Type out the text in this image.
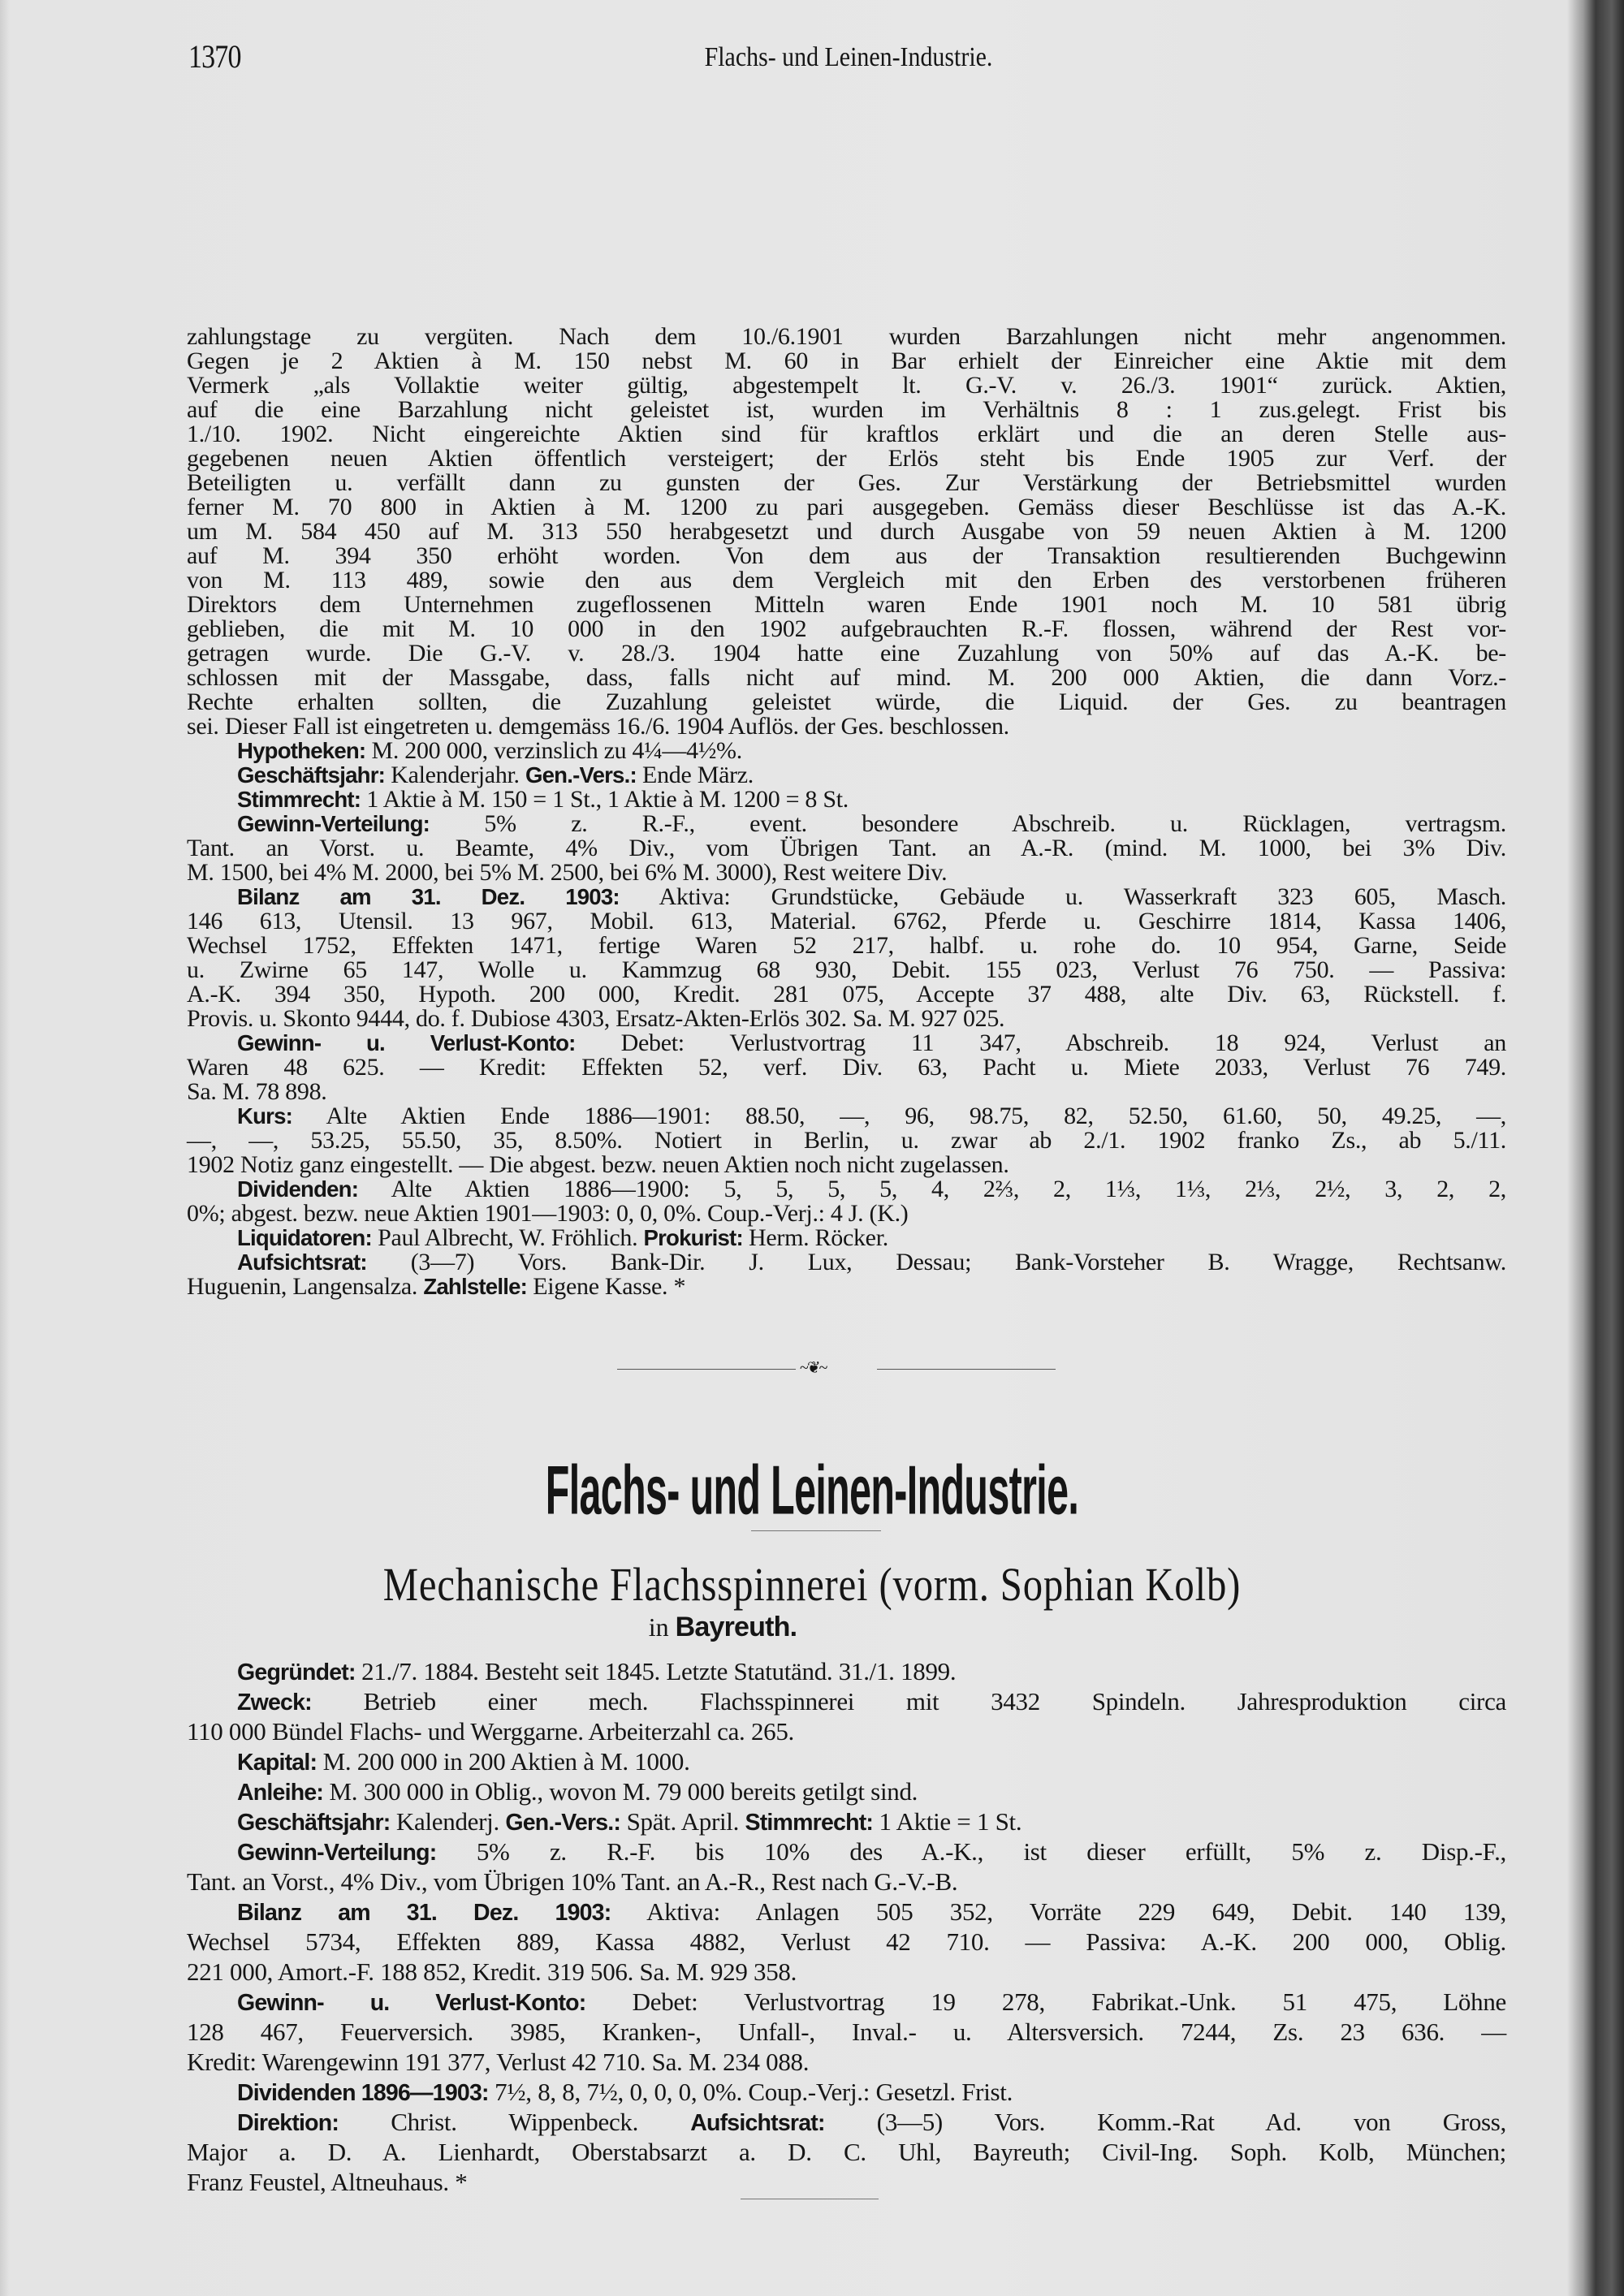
1370	Flachs- und Leinen-Industrie.
zahlungstage zu vergüten. Nach dem 10./6.1901 wurden Barzahlungen nicht mehr angenommen.
Gegen je 2 Aktien à M. 150 nebst M. 60 in Bar erhielt der Einreicher eine Aktie mit dem
Vermerk „als Vollaktie weiter gültig, abgestempelt lt. G.-V. v. 26./3. 1901“ zurück. Aktien,
auf die eine Barzahlung nicht geleistet ist, wurden im Verhältnis 8 : 1 zus.gelegt. Frist bis
1./10. 1902. Nicht eingereichte Aktien sind für kraftlos erklärt und die an deren Stelle aus-
gegebenen neuen Aktien öffentlich versteigert; der Erlös steht bis Ende 1905 zur Verf. der
Beteiligten u. verfällt dann zu gunsten der Ges. Zur Verstärkung der Betriebsmittel wurden
ferner M. 70 800 in Aktien à M. 1200 zu pari ausgegeben. Gemäss dieser Beschlüsse ist das A.-K.
um M. 584 450 auf M. 313 550 herabgesetzt und durch Ausgabe von 59 neuen Aktien à M. 1200
auf M. 394 350 erhöht worden. Von dem aus der Transaktion resultierenden Buchgewinn
von M. 113 489, sowie den aus dem Vergleich mit den Erben des verstorbenen früheren
Direktors dem Unternehmen zugeflossenen Mitteln waren Ende 1901 noch M. 10 581 übrig
geblieben, die mit M. 10 000 in den 1902 aufgebrauchten R.-F. flossen, während der Rest vor-
getragen wurde. Die G.-V. v. 28./3. 1904 hatte eine Zuzahlung von 50% auf das A.-K. be-
schlossen mit der Massgabe, dass, falls nicht auf mind. M. 200 000 Aktien, die dann Vorz.-
Rechte erhalten sollten, die Zuzahlung geleistet würde, die Liquid. der Ges. zu beantragen
sei. Dieser Fall ist eingetreten u. demgemäss 16./6. 1904 Auflös. der Ges. beschlossen.
Hypotheken: M. 200 000, verzinslich zu 4¼—4½%.
Geschäftsjahr: Kalenderjahr. Gen.-Vers.: Ende März.
Stimmrecht: 1 Aktie à M. 150 = 1 St., 1 Aktie à M. 1200 = 8 St.
Gewinn-Verteilung: 5% z. R.-F., event. besondere Abschreib. u. Rücklagen, vertragsm.
Tant. an Vorst. u. Beamte, 4% Div., vom Übrigen Tant. an A.-R. (mind. M. 1000, bei 3% Div.
M. 1500, bei 4% M. 2000, bei 5% M. 2500, bei 6% M. 3000), Rest weitere Div.
Bilanz am 31. Dez. 1903: Aktiva: Grundstücke, Gebäude u. Wasserkraft 323 605, Masch.
146 613, Utensil. 13 967, Mobil. 613, Material. 6762, Pferde u. Geschirre 1814, Kassa 1406,
Wechsel 1752, Effekten 1471, fertige Waren 52 217, halbf. u. rohe do. 10 954, Garne, Seide
u. Zwirne 65 147, Wolle u. Kammzug 68 930, Debit. 155 023, Verlust 76 750. — Passiva:
A.-K. 394 350, Hypoth. 200 000, Kredit. 281 075, Accepte 37 488, alte Div. 63, Rückstell. f.
Provis. u. Skonto 9444, do. f. Dubiose 4303, Ersatz-Akten-Erlös 302. Sa. M. 927 025.
Gewinn- u. Verlust-Konto: Debet: Verlustvortrag 11 347, Abschreib. 18 924, Verlust an
Waren 48 625. — Kredit: Effekten 52, verf. Div. 63, Pacht u. Miete 2033, Verlust 76 749.
Sa. M. 78 898.
Kurs: Alte Aktien Ende 1886—1901: 88.50, —, 96, 98.75, 82, 52.50, 61.60, 50, 49.25, —,
—, —, 53.25, 55.50, 35, 8.50%. Notiert in Berlin, u. zwar ab 2./1. 1902 franko Zs., ab 5./11.
1902 Notiz ganz eingestellt. — Die abgest. bezw. neuen Aktien noch nicht zugelassen.
Dividenden: Alte Aktien 1886—1900: 5, 5, 5, 5, 4, 2⅔, 2, 1⅓, 1⅓, 2⅓, 2½, 3, 2, 2,
0%; abgest. bezw. neue Aktien 1901—1903: 0, 0, 0%. Coup.-Verj.: 4 J. (K.)
Liquidatoren: Paul Albrecht, W. Fröhlich. Prokurist: Herm. Röcker.
Aufsichtsrat: (3—7) Vors. Bank-Dir. J. Lux, Dessau; Bank-Vorsteher B. Wragge, Rechtsanw.
Huguenin, Langensalza. Zahlstelle: Eigene Kasse. *
~❦~
Flachs- und Leinen-Industrie.
Mechanische Flachsspinnerei (vorm. Sophian Kolb)
in Bayreuth.
Gegründet: 21./7. 1884. Besteht seit 1845. Letzte Statutänd. 31./1. 1899.
Zweck: Betrieb einer mech. Flachsspinnerei mit 3432 Spindeln. Jahresproduktion circa
110 000 Bündel Flachs- und Werggarne. Arbeiterzahl ca. 265.
Kapital: M. 200 000 in 200 Aktien à M. 1000.
Anleihe: M. 300 000 in Oblig., wovon M. 79 000 bereits getilgt sind.
Geschäftsjahr: Kalenderj. Gen.-Vers.: Spät. April. Stimmrecht: 1 Aktie = 1 St.
Gewinn-Verteilung: 5% z. R.-F. bis 10% des A.-K., ist dieser erfüllt, 5% z. Disp.-F.,
Tant. an Vorst., 4% Div., vom Übrigen 10% Tant. an A.-R., Rest nach G.-V.-B.
Bilanz am 31. Dez. 1903: Aktiva: Anlagen 505 352, Vorräte 229 649, Debit. 140 139,
Wechsel 5734, Effekten 889, Kassa 4882, Verlust 42 710. — Passiva: A.-K. 200 000, Oblig.
221 000, Amort.-F. 188 852, Kredit. 319 506. Sa. M. 929 358.
Gewinn- u. Verlust-Konto: Debet: Verlustvortrag 19 278, Fabrikat.-Unk. 51 475, Löhne
128 467, Feuerversich. 3985, Kranken-, Unfall-, Inval.- u. Altersversich. 7244, Zs. 23 636. —
Kredit: Warengewinn 191 377, Verlust 42 710. Sa. M. 234 088.
Dividenden 1896—1903: 7½, 8, 8, 7½, 0, 0, 0, 0%. Coup.-Verj.: Gesetzl. Frist.
Direktion: Christ. Wippenbeck. Aufsichtsrat: (3—5) Vors. Komm.-Rat Ad. von Gross,
Major a. D. A. Lienhardt, Oberstabsarzt a. D. C. Uhl, Bayreuth; Civil-Ing. Soph. Kolb, München;
Franz Feustel, Altneuhaus. *
